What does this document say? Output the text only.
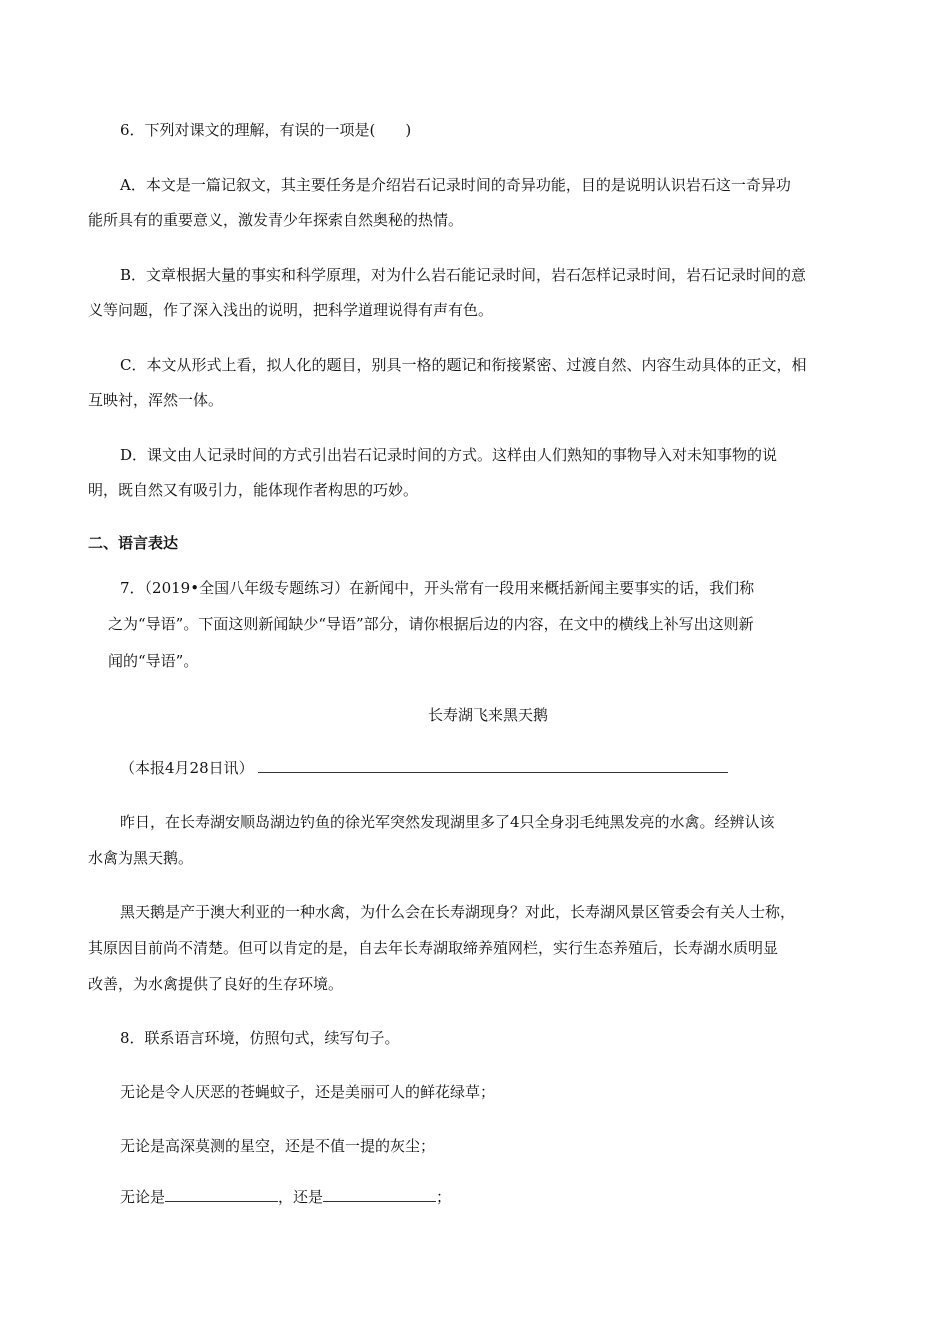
6．下列对课文的理解，有误的一项是(　　)
A．本文是一篇记叙文，其主要任务是介绍岩石记录时间的奇异功能，目的是说明认识岩石这一奇异功
能所具有的重要意义，激发青少年探索自然奥秘的热情。
B．文章根据大量的事实和科学原理，对为什么岩石能记录时间，岩石怎样记录时间，岩石记录时间的意
义等问题，作了深入浅出的说明，把科学道理说得有声有色。
C．本文从形式上看，拟人化的题目，别具一格的题记和衔接紧密、过渡自然、内容生动具体的正文，相
互映衬，浑然一体。
D．课文由人记录时间的方式引出岩石记录时间的方式。这样由人们熟知的事物导入对未知事物的说
明，既自然又有吸引力，能体现作者构思的巧妙。
二、语言表达
7．（2019•全国八年级专题练习）在新闻中，开头常有一段用来概括新闻主要事实的话，我们称
之为“导语”。下面这则新闻缺少“导语”部分，请你根据后边的内容，在文中的横线上补写出这则新
闻的“导语”。
长寿湖飞来黑天鹅
（本报4月28日讯）
昨日，在长寿湖安顺岛湖边钓鱼的徐光军突然发现湖里多了4只全身羽毛纯黑发亮的水禽。经辨认该
水禽为黑天鹅。
黑天鹅是产于澳大利亚的一种水禽，为什么会在长寿湖现身？对此，长寿湖风景区管委会有关人士称，
其原因目前尚不清楚。但可以肯定的是，自去年长寿湖取缔养殖网栏，实行生态养殖后，长寿湖水质明显
改善，为水禽提供了良好的生存环境。
8．联系语言环境，仿照句式，续写句子。
无论是令人厌恶的苍蝇蚊子，还是美丽可人的鲜花绿草；
无论是高深莫测的星空，还是不值一提的灰尘；
无论是	，还是	；
